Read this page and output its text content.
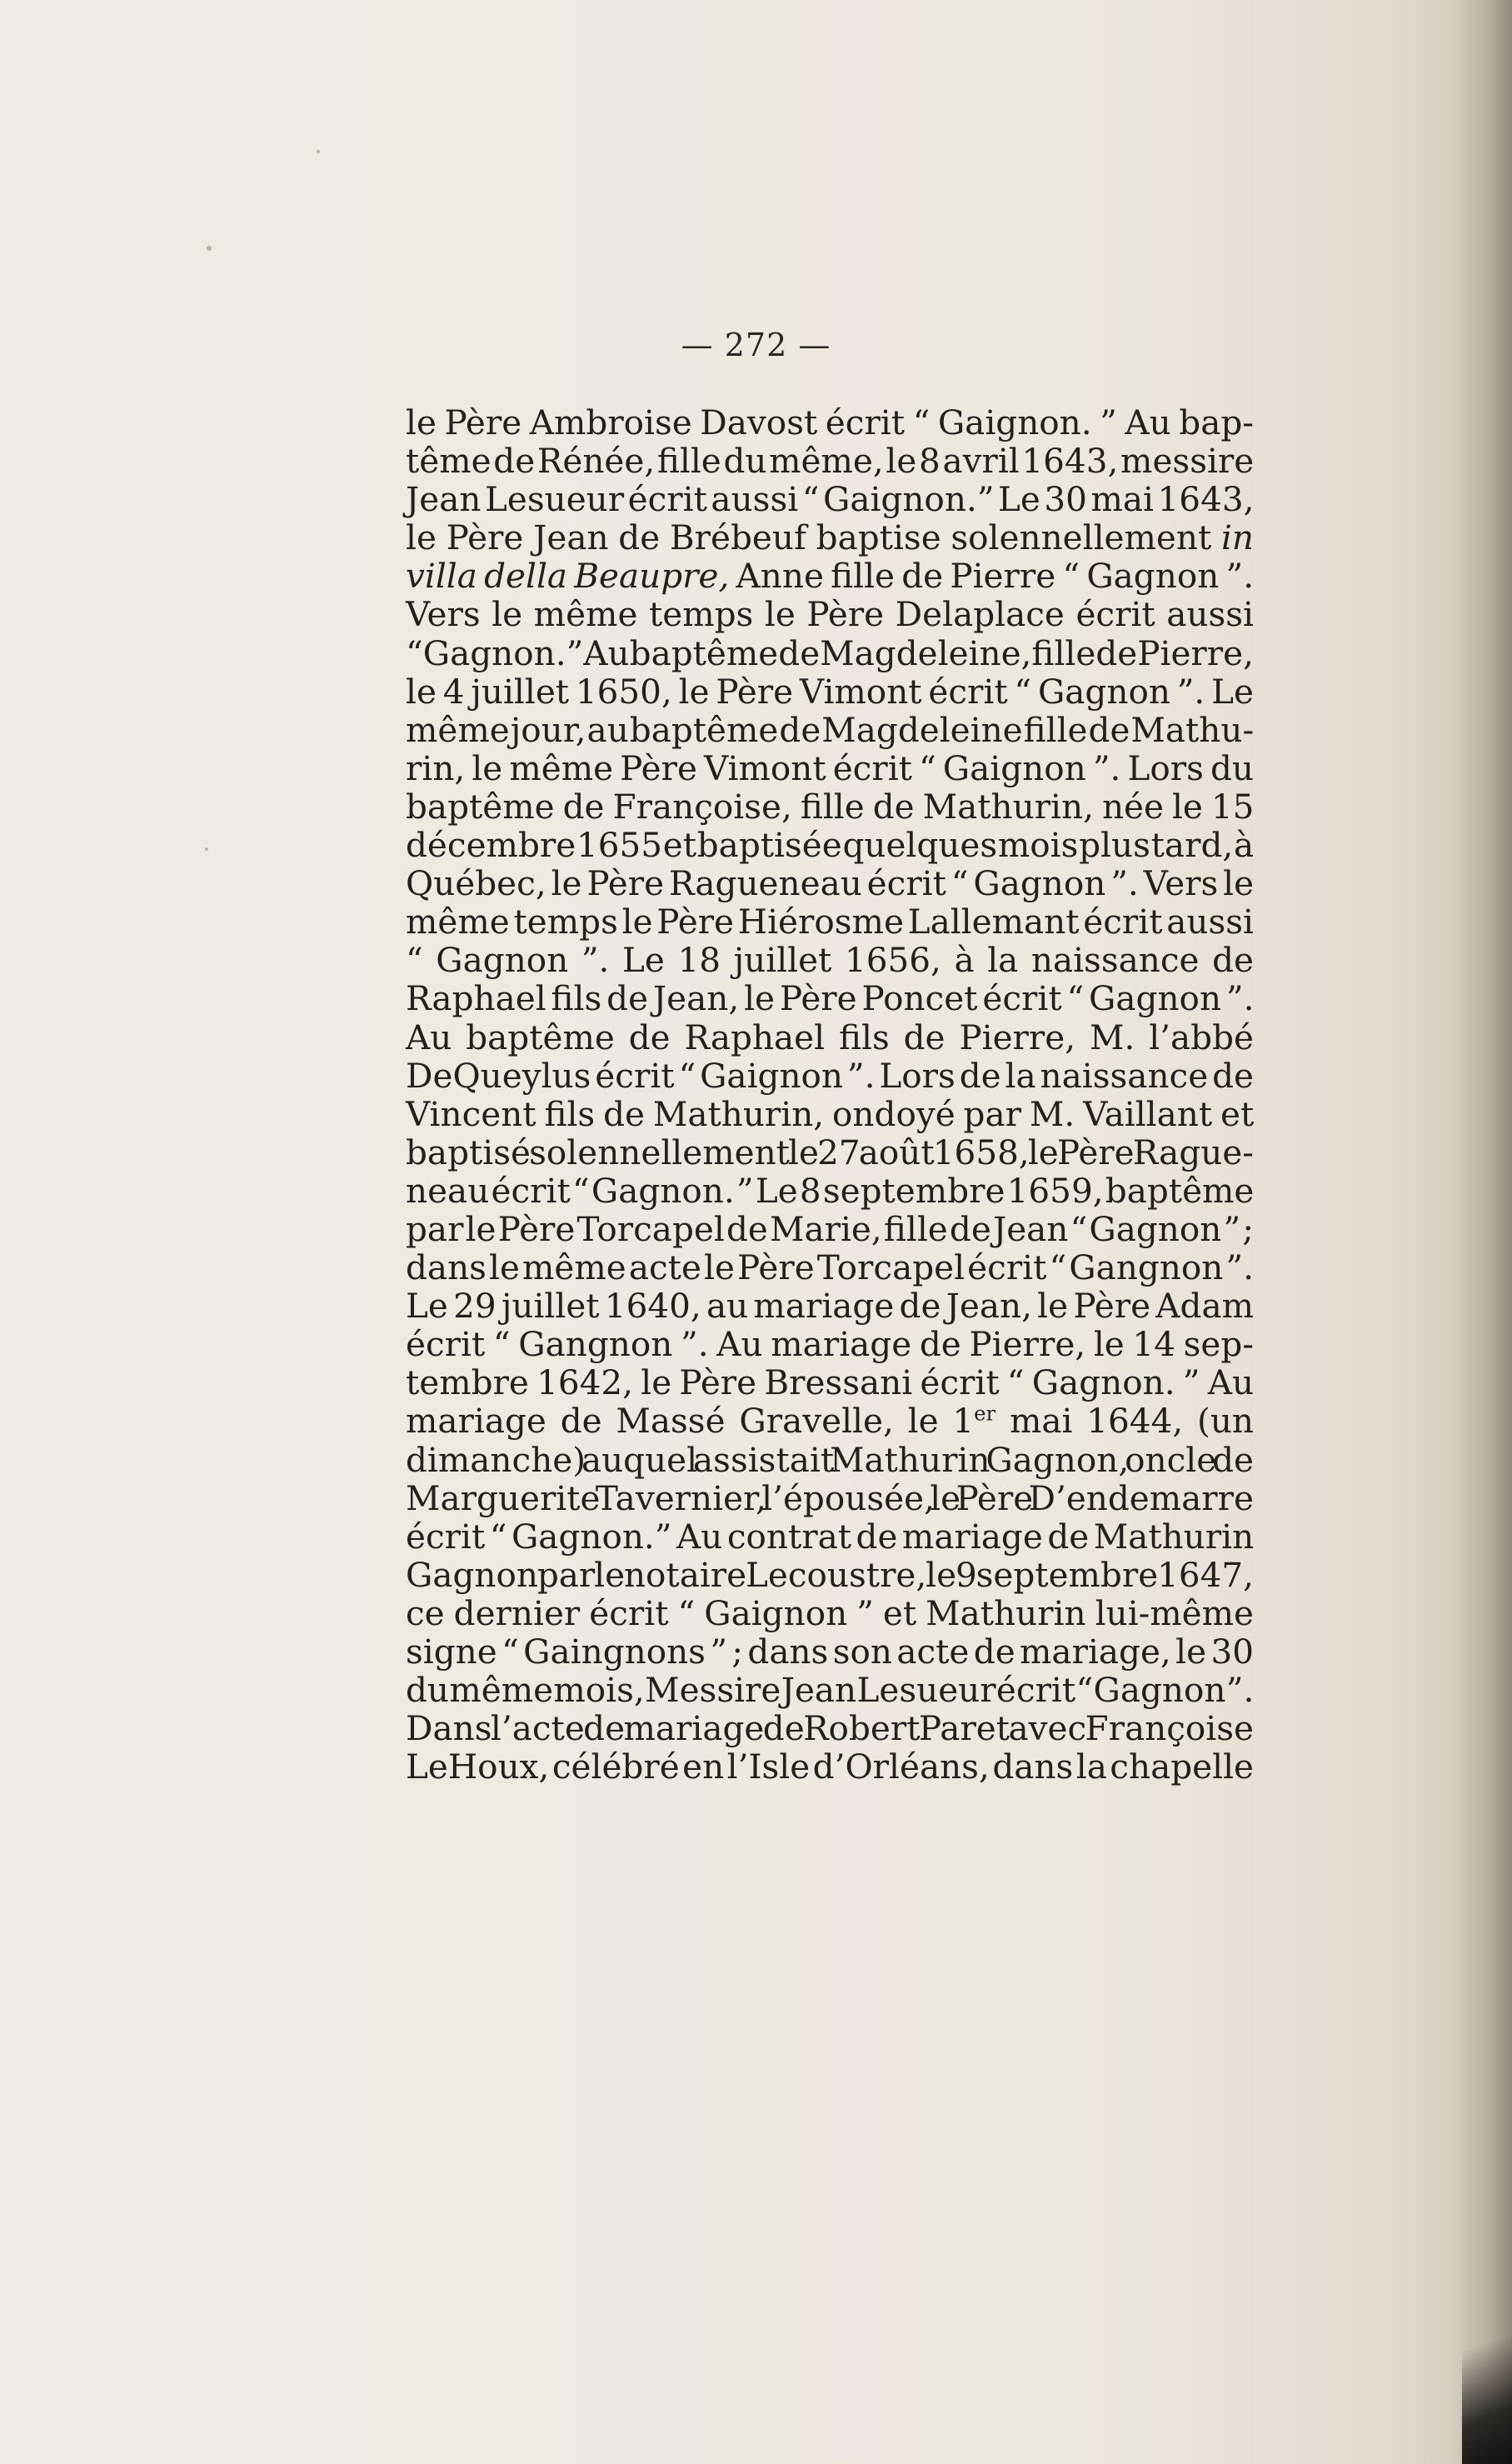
— 272 —
le Père Ambroise Davost écrit “ Gaignon. ” Au bap-
tême de Rénée, fille du même, le 8 avril 1643, messire
Jean Lesueur écrit aussi “ Gaignon.” Le 30 mai 1643,
le Père Jean de Brébeuf baptise solennellement in
villa della Beaupre, Anne fille de Pierre “ Gagnon ”.
Vers le même temps le Père Delaplace écrit aussi
“ Gagnon.” Au baptême de Magdeleine, fille de Pierre,
le 4 juillet 1650, le Père Vimont écrit “ Gagnon ”. Le
même jour, au baptême de Magdeleine fille de Mathu-
rin, le même Père Vimont écrit “ Gaignon ”. Lors du
baptême de Françoise, fille de Mathurin, née le 15
décembre 1655 et baptisée quelques mois plus tard, à
Québec, le Père Ragueneau écrit “ Gagnon ”. Vers le
même temps le Père Hiérosme Lallemant écrit aussi
“ Gagnon ”. Le 18 juillet 1656, à la naissance de
Raphael fils de Jean, le Père Poncet écrit “ Gagnon ”.
Au baptême de Raphael fils de Pierre, M. l’abbé
DeQueylus écrit “ Gaignon ”. Lors de la naissance de
Vincent fils de Mathurin, ondoyé par M. Vaillant et
baptisé solennellement le 27 août 1658, le Père Rague-
neau écrit “ Gagnon. ” Le 8 septembre 1659, baptême
par le Père Torcapel de Marie, fille de Jean “ Gagnon ” ;
dans le même acte le Père Torcapel écrit “ Gangnon ”.
Le 29 juillet 1640, au mariage de Jean, le Père Adam
écrit “ Gangnon ”. Au mariage de Pierre, le 14 sep-
tembre 1642, le Père Bressani écrit “ Gagnon. ” Au
mariage de Massé Gravelle, le 1er mai 1644, (un
dimanche) auquel assistait Mathurin Gagnon, oncle de
Marguerite Tavernier, l’épousée, le Père D’endemarre
écrit “ Gagnon.” Au contrat de mariage de Mathurin
Gagnon par le notaire Lecoustre, le 9 septembre 1647,
ce dernier écrit “ Gaignon ” et Mathurin lui-même
signe “ Gaingnons ” ; dans son acte de mariage, le 30
du même mois, Messire Jean Lesueur écrit “ Gagnon ”.
Dans l’acte de mariage de Robert Paret avec Françoise
LeHoux, célébré en l’Isle d’Orléans, dans la chapelle
